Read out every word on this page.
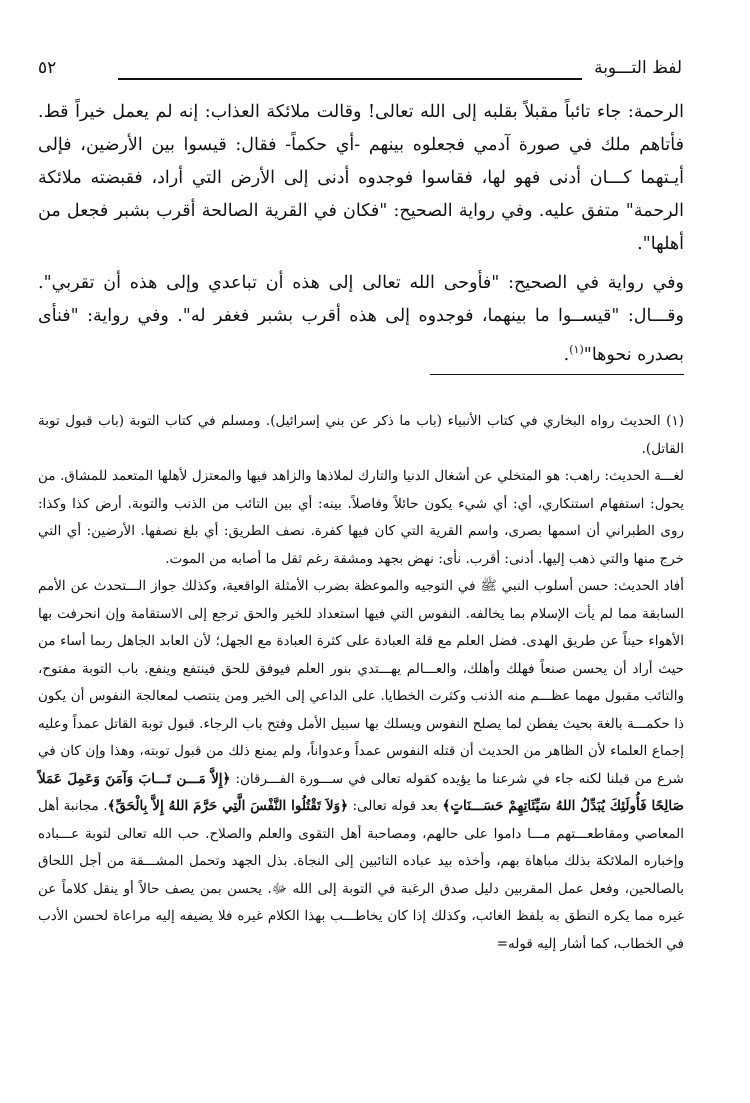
لفظ التـــوبة
٥٢

الرحمة: جاء تائباً مقبلاً بقلبه إلى الله تعالى! وقالت ملائكة العذاب: إنه لم يعمل خيراً قط. فأتاهم ملك في صورة آدمي فجعلوه بينهم -أي حكماً- فقال: قيسوا بين الأرضين، فإلى أيـتهما كـــان أدنى فهو لها، فقاسوا فوجدوه أدنى إلى الأرض التي أراد، فقبضته ملائكة الرحمة" متفق عليه. وفي رواية الصحيح: "فكان في القرية الصالحة أقرب بشبر فجعل من أهلها".

وفي رواية في الصحيح: "فأوحى الله تعالى إلى هذه أن تباعدي وإلى هذه أن تقربي". وقـــال: "قيســوا ما بينهما، فوجدوه إلى هذه أقرب بشبر فغفر له". وفي رواية: "فنأى بصدره نحوها"$^{(١)}$.

(١) الحديث رواه البخاري في كتاب الأنبياء (باب ما ذكر عن بني إسرائيل). ومسلم في كتاب التوبة (باب قبول توبة القاتل).

لغـــة الحديث: راهب: هو المتخلي عن أشغال الدنيا والتارك لملاذها والزاهد فيها والمعتزل لأهلها المتعمد للمشاق. من يحول: استفهام استنكاري، أي: أي شيء يكون حائلاً وفاصلاً. بينه: أي بين التائب من الذنب والتوبة. أرض كذا وكذا: روى الطبراني أن اسمها بصرى، واسم القرية التي كان فيها كفرة. نصف الطريق: أي بلغ نصفها. الأرضين: أي التي خرج منها والتي ذهب إليها. أدنى: أقرب. نأى: نهض بجهد ومشقة رغم ثقل ما أصابه من الموت.

أفاد الحديث: حسن أسلوب النبي ﷺ في التوجيه والموعظة بضرب الأمثلة الواقعية، وكذلك جواز الـــتحدث عن الأمم السابقة مما لم يأت الإسلام بما يخالفه. النفوس التي فيها استعداد للخير والحق ترجع إلى الاستقامة وإن انحرفت بها الأهواء حيناً عن طريق الهدى. فضل العلم مع قلة العبادة على كثرة العبادة مع الجهل؛ لأن العابد الجاهل ربما أساء من حيث أراد أن يحسن صنعاً فهلك وأهلك، والعـــالم يهـــتدي بنور العلم فيوفق للحق فينتفع وينفع. باب التوبة مفتوح، والتائب مقبول مهما عظـــم منه الذنب وكثرت الخطايا. على الداعي إلى الخير ومن ينتصب لمعالجة النفوس أن يكون ذا حكمـــة بالغة بحيث يفطن لما يصلح النفوس ويسلك بها سبيل الأمل وفتح باب الرجاء. قبول توبة القاتل عمداً وعليه إجماع العلماء لأن الظاهر من الحديث أن قتله النفوس عمداً وعدواناً، ولم يمنع ذلك من قبول توبته، وهذا وإن كان في شرع من قبلنا لكنه جاء في شرعنا ما يؤيده كقوله تعالى في ســـورة الفـــرقان: ﴿إِلاَّ مَـــن تَـــابَ وَآمَنَ وَعَمِلَ عَمَلاً صَالِحًا فَأُولَئِكَ يُبَدِّلُ اللهُ سَيِّئَاتِهِمْ حَسَـــنَاتٍ﴾ بعد قوله تعالى: ﴿وَلاَ تَقْتُلُوا النَّفْسَ الَّتِي حَرَّمَ اللهُ إِلاَّ بِالْحَقِّ﴾. مجانبة أهل المعاصي ومقاطعـــتهم مـــا داموا على حالهم، ومصاحبة أهل التقوى والعلم والصلاح. حب الله تعالى لتوبة عـــباده وإخباره الملائكة بذلك مباهاة بهم، وأخذه بيد عباده التائبين إلى النجاة. بذل الجهد وتحمل المشـــقة من أجل اللحاق بالصالحين، وفعل عمل المقربين دليل صدق الرغبة في التوبة إلى الله ﷻ. يحسن بمن يصف حالاً أو ينقل كلاماً عن غيره مما يكره النطق به بلفظ الغائب، وكذلك إذا كان يخاطـــب بهذا الكلام غيره فلا يضيفه إليه مراعاة لحسن الأدب في الخطاب، كما أشار إليه قوله=
